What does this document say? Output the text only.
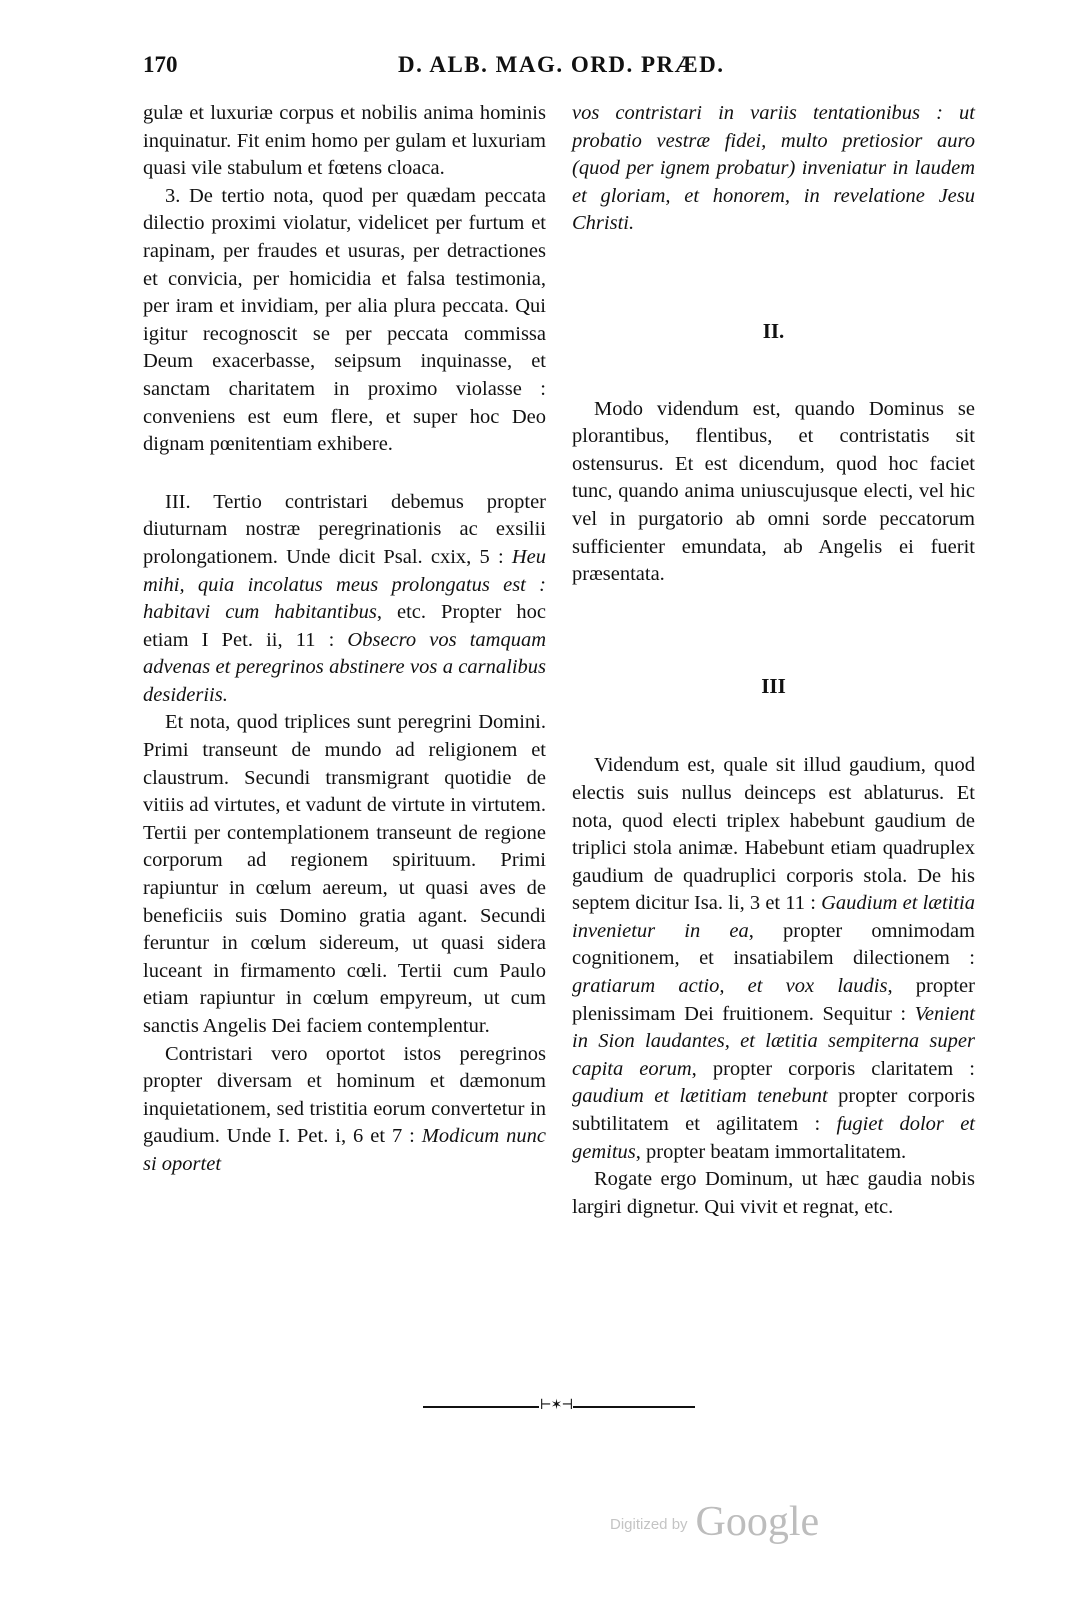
170	D. ALB. MAG. ORD. PRÆD.

gulæ et luxuriæ corpus et nobilis anima hominis inquinatur. Fit enim homo per gulam et luxuriam quasi vile stabulum et fœtens cloaca.

3. De tertio nota, quod per quædam peccata dilectio proximi violatur, videlicet per furtum et rapinam, per fraudes et usuras, per detractiones et convicia, per homicidia et falsa testimonia, per iram et invidiam, per alia plura peccata. Qui igitur recognoscit se per peccata commissa Deum exacerbasse, seipsum inquinasse, et sanctam charitatem in proximo violasse : conveniens est eum flere, et super hoc Deo dignam pœnitentiam exhibere.

III. Tertio contristari debemus propter diuturnam nostræ peregrinationis ac exsilii prolongationem. Unde dicit Psal. cxix, 5 : Heu mihi, quia incolatus meus prolongatus est : habitavi cum habitantibus, etc. Propter hoc etiam I Pet. ii, 11 : Obsecro vos tamquam advenas et peregrinos abstinere vos a carnalibus desideriis.

Et nota, quod triplices sunt peregrini Domini. Primi transeunt de mundo ad religionem et claustrum. Secundi transmigrant quotidie de vitiis ad virtutes, et vadunt de virtute in virtutem. Tertii per contemplationem transeunt de regione corporum ad regionem spirituum. Primi rapiuntur in cœlum aereum, ut quasi aves de beneficiis suis Domino gratia agant. Secundi feruntur in cœlum sidereum, ut quasi sidera luceant in firmamento cœli. Tertii cum Paulo etiam rapiuntur in cœlum empyreum, ut cum sanctis Angelis Dei faciem contemplentur.

Contristari vero oportot istos peregrinos propter diversam et hominum et dæmonum inquietationem, sed tristitia eorum convertetur in gaudium. Unde I. Pet. i, 6 et 7 : Modicum nunc si oportet

vos contristari in variis tentationibus : ut probatio vestræ fidei, multo pretiosior auro (quod per ignem probatur) inveniatur in laudem et gloriam, et honorem, in revelatione Jesu Christi.

II.

Modo videndum est, quando Dominus se plorantibus, flentibus, et contristatis sit ostensurus. Et est dicendum, quod hoc faciet tunc, quando anima uniuscujusque electi, vel hic vel in purgatorio ab omni sorde peccatorum sufficienter emundata, ab Angelis ei fuerit præsentata.

III

Videndum est, quale sit illud gaudium, quod electis suis nullus deinceps est ablaturus. Et nota, quod electi triplex habebunt gaudium de triplici stola animæ. Habebunt etiam quadruplex gaudium de quadruplici corporis stola. De his septem dicitur Isa. li, 3 et 11 : Gaudium et lætitia invenietur in ea, propter omnimodam cognitionem, et insatiabilem dilectionem : gratiarum actio, et vox laudis, propter plenissimam Dei fruitionem. Sequitur : Venient in Sion laudantes, et lætitia sempiterna super capita eorum, propter corporis claritatem : gaudium et lætitiam tenebunt propter corporis subtilitatem et agilitatem : fugiet dolor et gemitus, propter beatam immortalitatem.

Rogate ergo Dominum, ut hæc gaudia nobis largiri dignetur. Qui vivit et regnat, etc.

⊢✶⊣
Digitized by Google
